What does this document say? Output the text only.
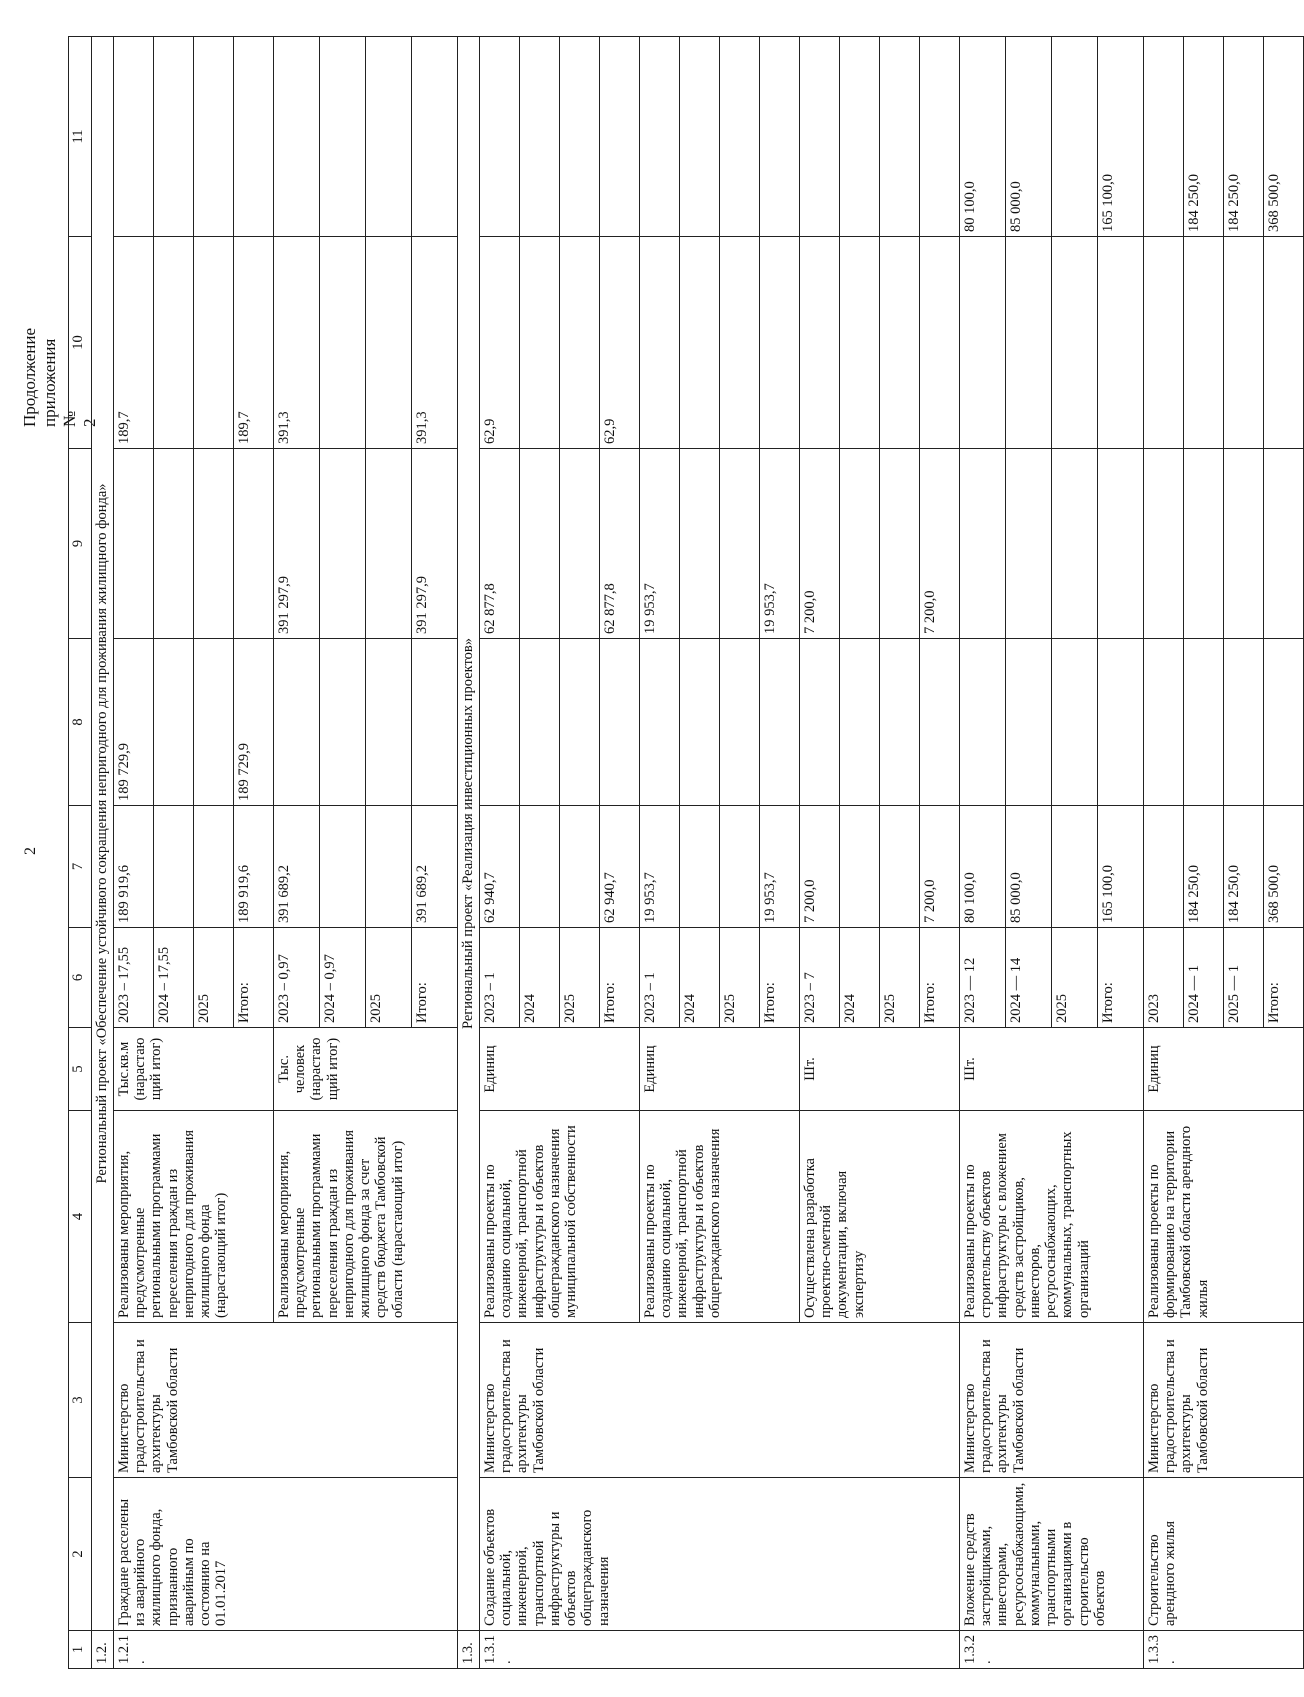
2
Продолжение приложения № 2
1	2	3	4	5	6	7	8	9	10	11
1.2.	Региональный проект «Обеспечение устойчивого сокращения непригодного для проживания жилищного фонда»									
1.2.1.	Граждане расселены из аварийного жилищного фонда, признанного аварийным по состоянию на 01.01.2017	Министерство градостроительства и архитектуры Тамбовской области	Реализованы мероприятия, предусмотренные региональными программами переселения граждан из непригодного для проживания жилищного фонда (нарастающий итог)	Тыс.кв.м (нарастающий итог)	2023 – 17,55	189 919,6	189 729,9		189,7	
					2024 – 17,55					
					2025					
					Итого:	189 919,6	189 729,9		189,7	
			Реализованы мероприятия, предусмотренные региональными программами переселения граждан из непригодного для проживания жилищного фонда за счет средств бюджета Тамбовской области (нарастающий итог)	Тыс. человек (нарастающий итог)	2023 – 0,97	391 689,2		391 297,9	391,3	
					2024 – 0,97					
					2025					
					Итого:	391 689,2		391 297,9	391,3	
1.3.	Региональный проект «Реализация инвестиционных проектов»									
1.3.1.	Создание объектов социальной, инженерной, транспортной инфраструктуры и объектов общегражданского назначения	Министерство градостроительства и архитектуры Тамбовской области	Реализованы проекты по созданию социальной, инженерной, транспортной инфраструктуры и объектов общегражданского назначения муниципальной собственности	Единиц	2023 – 1	62 940,7		62 877,8	62,9	
					2024					
					2025					
					Итого:	62 940,7		62 877,8	62,9	
			Реализованы проекты по созданию социальной, инженерной, транспортной инфраструктуры и объектов общегражданского назначения	Единиц	2023 – 1	19 953,7		19 953,7		
					2024					
					2025					
					Итого:	19 953,7		19 953,7		
			Осуществлена разработка проектно-сметной документации, включая экспертизу	Шт.	2023 – 7	7 200,0		7 200,0		
					2024					
					2025					
					Итого:	7 200,0		7 200,0		
1.3.2.	Вложение средств застройщиками, инвесторами, ресурсоснабжающими, коммунальными, транспортными организациями в строительство объектов	Министерство градостроительства и архитектуры Тамбовской области	Реализованы проекты по строительству объектов инфраструктуры с вложением средств застройщиков, инвесторов, ресурсоснабжающих, коммунальных, транспортных организаций	Шт.	2023 — 12	80 100,0				80 100,0
					2024 — 14	85 000,0				85 000,0
					2025					
					Итого:	165 100,0				165 100,0
1.3.3.	Строительство арендного жилья	Министерство градостроительства и архитектуры Тамбовской области	Реализованы проекты по формированию на территории Тамбовской области арендного жилья	Единиц	2023					
					2024 — 1	184 250,0				184 250,0
					2025 — 1	184 250,0				184 250,0
					Итого:	368 500,0				368 500,0
